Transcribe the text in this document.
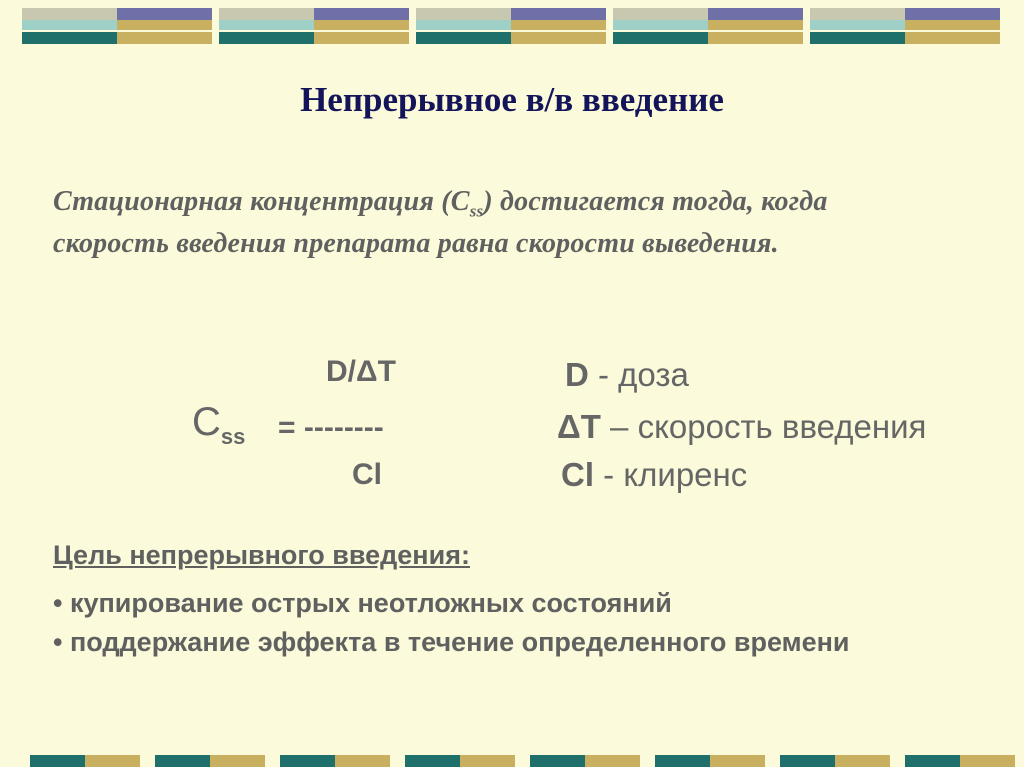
Непрерывное в/в введение
Стационарная концентрация $(C_{ss})$ достигается тогда, когда
скорость введения препарата равна скорости выведения.
D/ΔT
$C_{ss}$ = --------
Cl
D - доза
ΔT – скорость введения
Cl - клиренс
Цель непрерывного введения:
• купирование острых неотложных состояний
• поддержание эффекта в течение определенного времени
